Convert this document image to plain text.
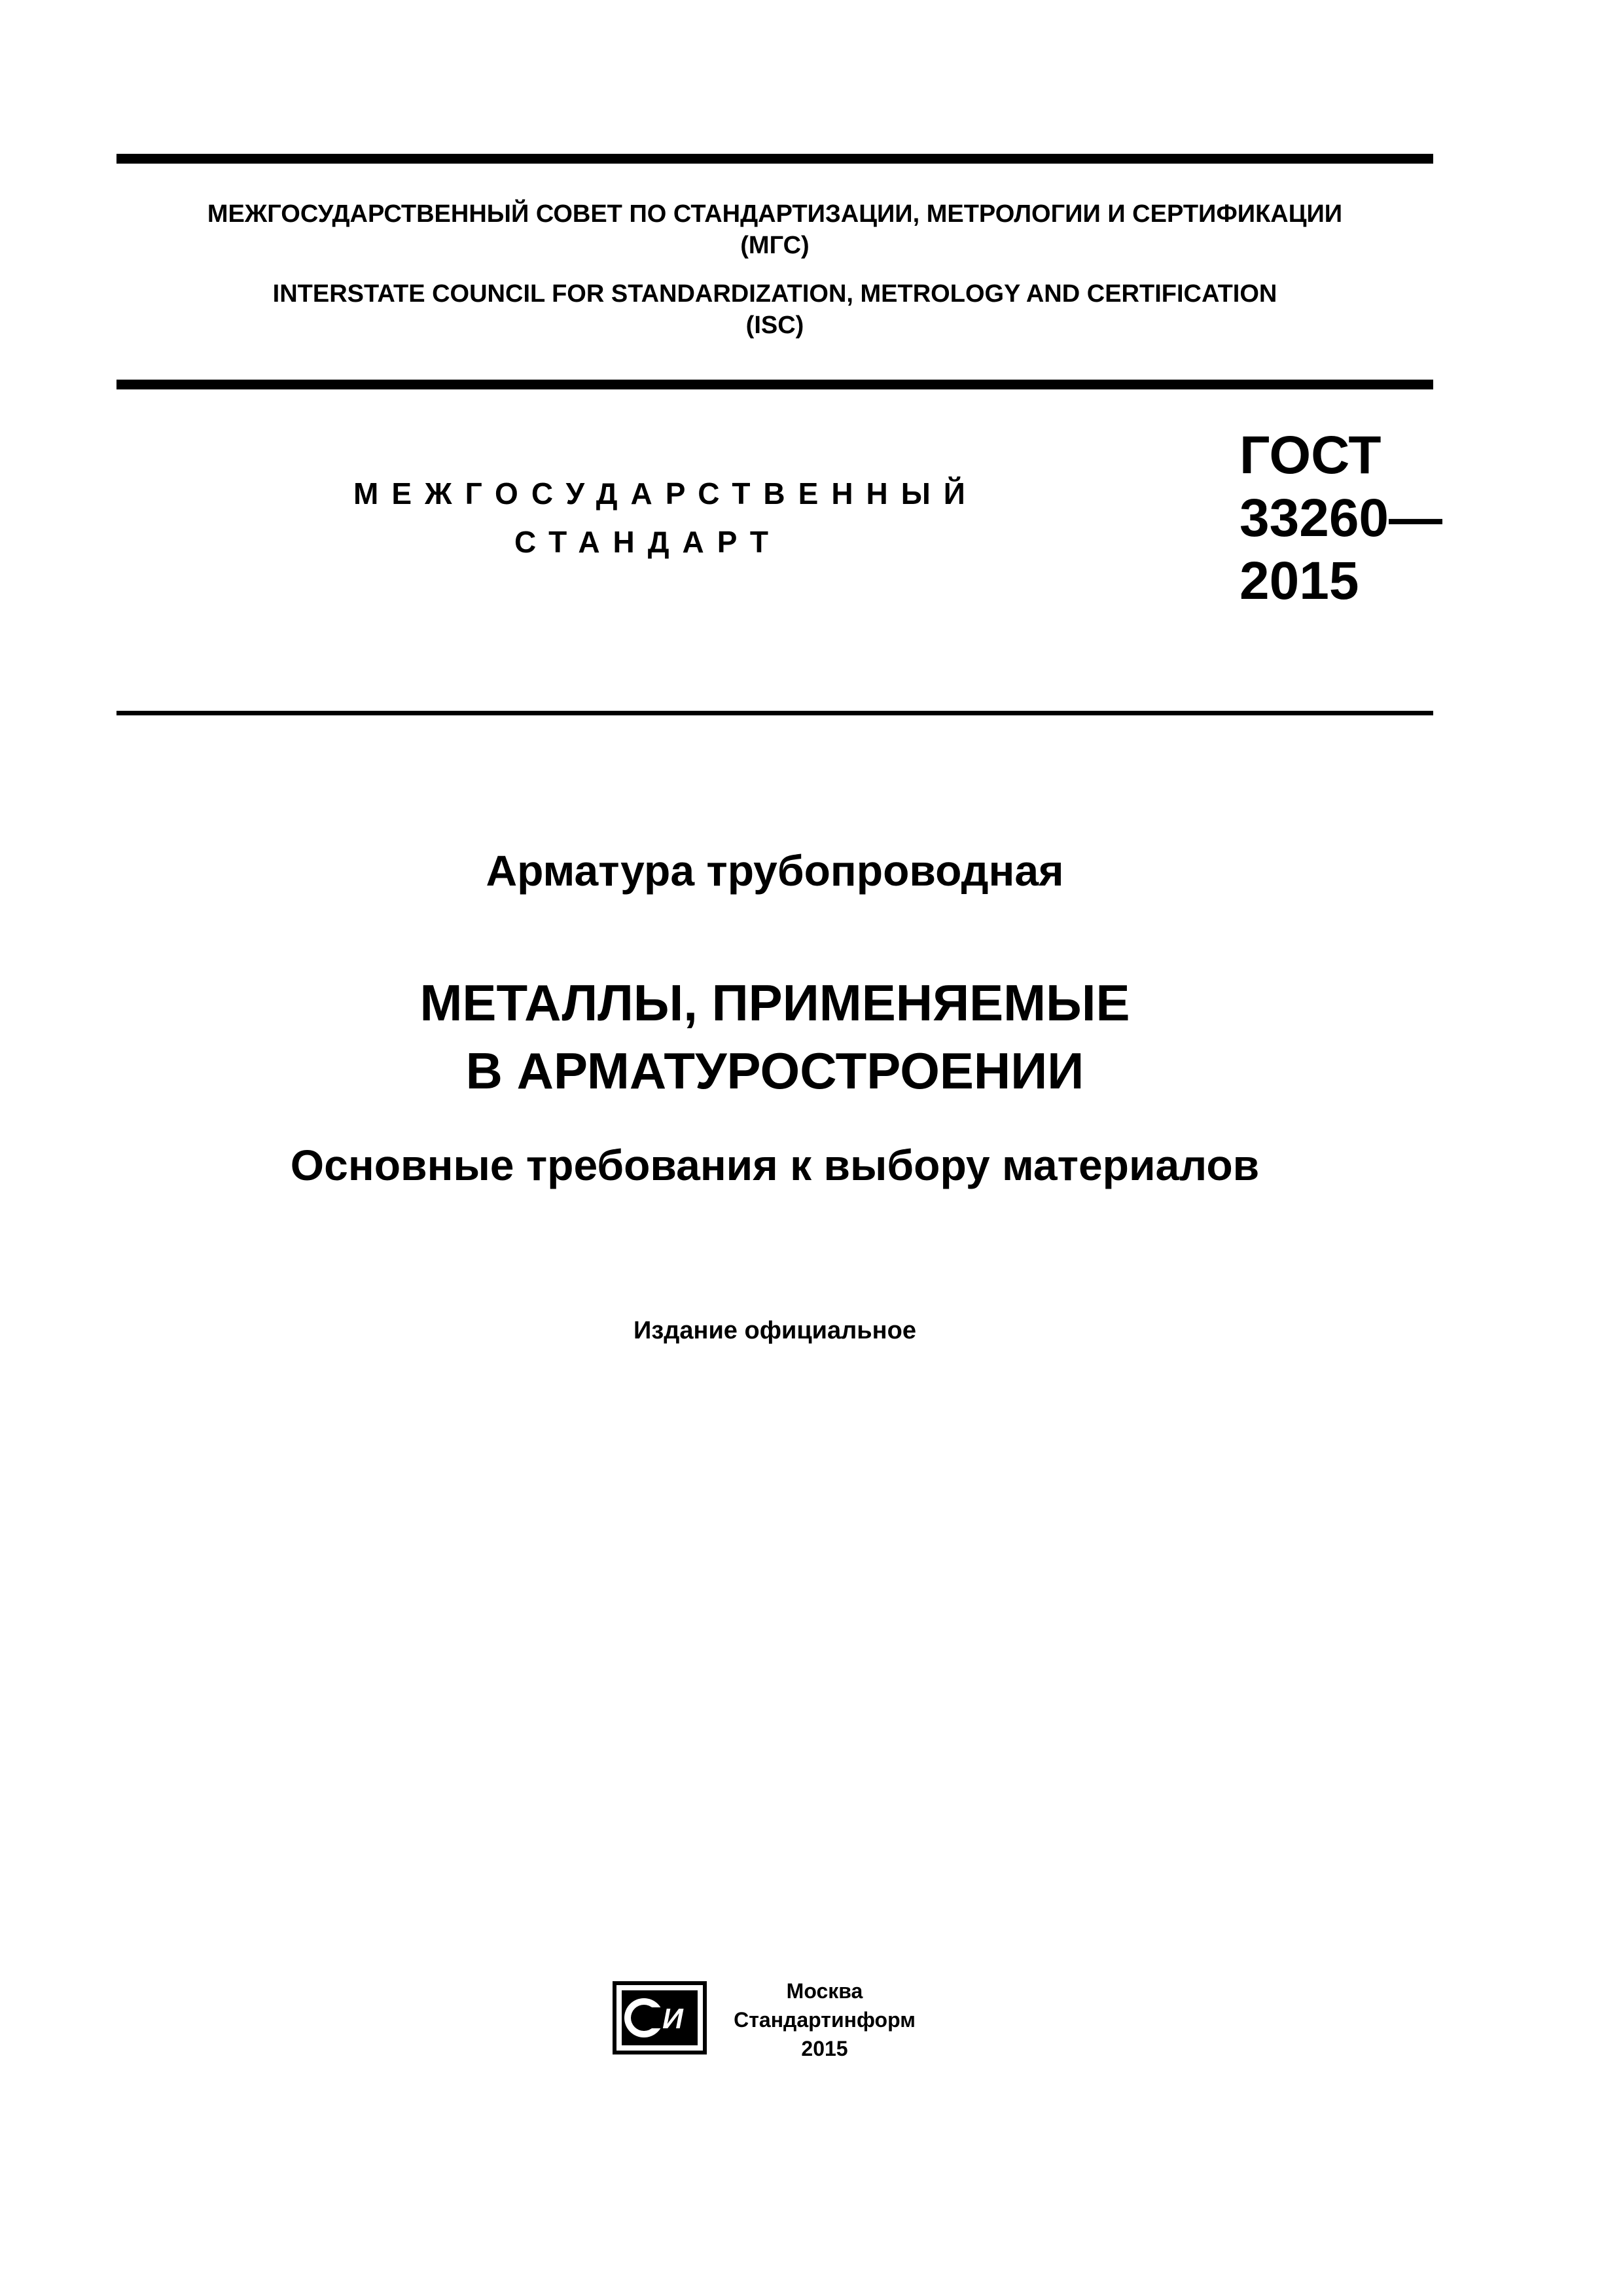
МЕЖГОСУДАРСТВЕННЫЙ СОВЕТ ПО СТАНДАРТИЗАЦИИ, МЕТРОЛОГИИ И СЕРТИФИКАЦИИ
(МГС)
INTERSTATE COUNCIL FOR STANDARDIZATION, METROLOGY AND CERTIFICATION
(ISC)
МЕЖГОСУДАРСТВЕННЫЙ
СТАНДАРТ
ГОСТ
33260—
2015
Арматура трубопроводная
МЕТАЛЛЫ, ПРИМЕНЯЕМЫЕ
В АРМАТУРОСТРОЕНИИ
Основные требования к выбору материалов
Издание официальное
И
Москва
Стандартинформ
2015
